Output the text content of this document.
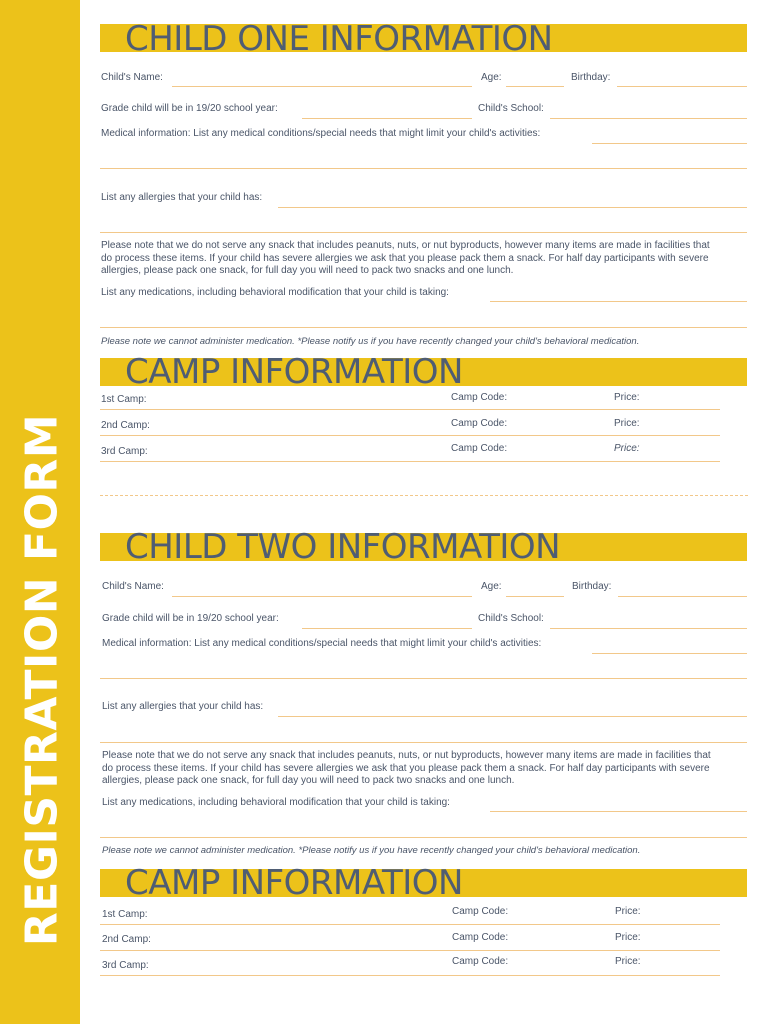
REGISTRATION FORM
CHILD ONE INFORMATION
Child's Name:	Age:	Birthday:
Grade child will be in 19/20 school year:	Child's School:
Medical information: List any medical conditions/special needs that might limit your child's activities:
List any allergies that your child has:
Please note that we do not serve any snack that includes peanuts, nuts, or nut byproducts, however many items are made in facilities that do process these items. If your child has severe allergies we ask that you please pack them a snack. For half day participants with severe allergies, please pack one snack, for full day you will need to pack two snacks and one lunch.
List any medications, including behavioral modification that your child is taking:
Please note we cannot administer medication. *Please notify us if you have recently changed your child's behavioral medication.
CAMP INFORMATION
1st Camp:	Camp Code:	Price:
2nd Camp:	Camp Code:	Price:
3rd Camp:	Camp Code:	Price:
CHILD TWO INFORMATION
Child's Name:	Age:	Birthday:
Grade child will be in 19/20 school year:	Child's School:
Medical information: List any medical conditions/special needs that might limit your child's activities:
List any allergies that your child has:
Please note that we do not serve any snack that includes peanuts, nuts, or nut byproducts, however many items are made in facilities that do process these items. If your child has severe allergies we ask that you please pack them a snack. For half day participants with severe allergies, please pack one snack, for full day you will need to pack two snacks and one lunch.
List any medications, including behavioral modification that your child is taking:
Please note we cannot administer medication. *Please notify us if you have recently changed your child's behavioral medication.
CAMP INFORMATION
1st Camp:	Camp Code:	Price:
2nd Camp:	Camp Code:	Price:
3rd Camp:	Camp Code:	Price:
